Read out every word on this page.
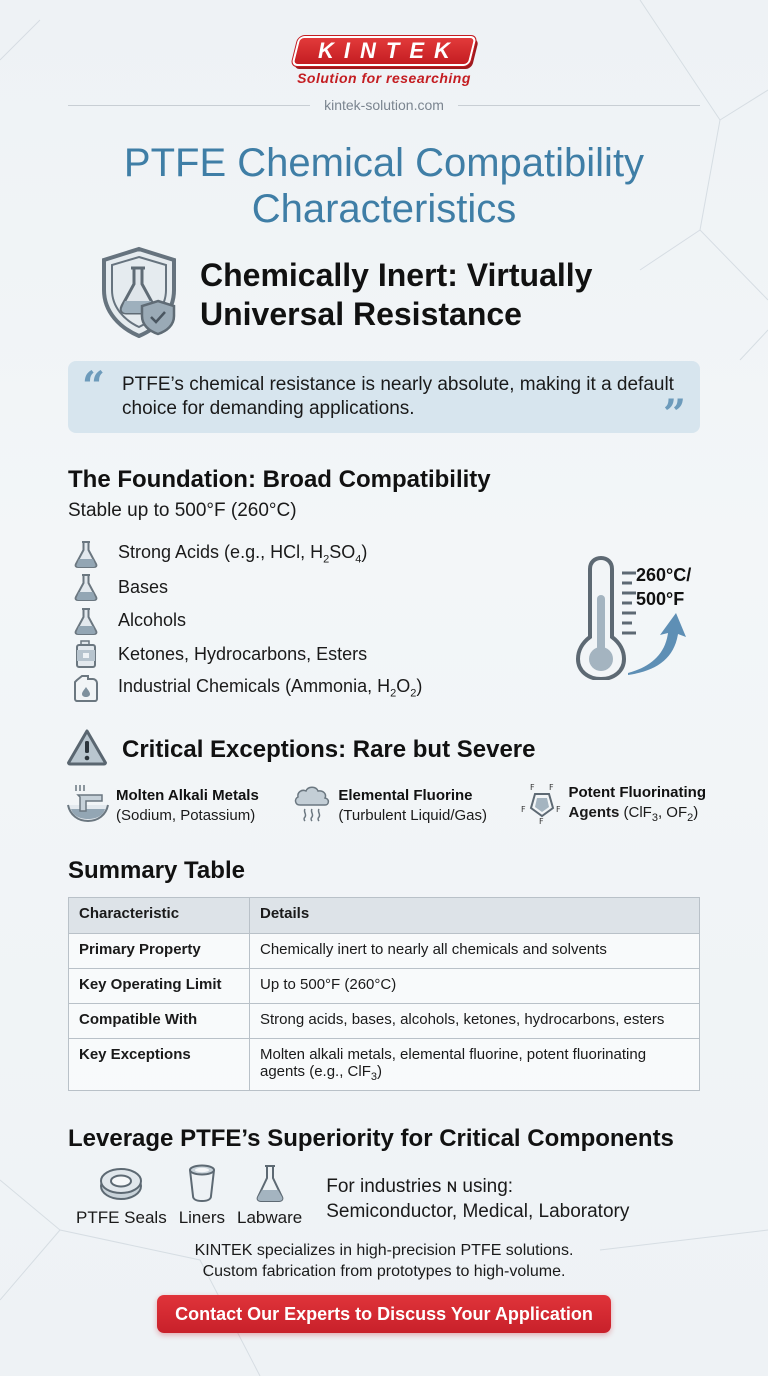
KINTEK
Solution for researching
kintek-solution.com
PTFE Chemical Compatibility
Characteristics
Chemically Inert: Virtually
Universal Resistance
“ PTFE’s chemical resistance is nearly absolute, making it a default choice for demanding applications.	”
The Foundation: Broad Compatibility

Stable up to 500°F (260°C)

Strong Acids (e.g., HCl, $H_2SO_4$)
Bases
Alcohols
Ketones, Hydrocarbons, Esters
Industrial Chemicals (Ammonia, $H_2O_2$)
260°C/
500°F
Critical Exceptions: Rare but Severe
Molten Alkali Metals
(Sodium, Potassium)
Elemental Fluorine
(Turbulent Liquid/Gas)
F F
F	F
F
Potent Fluorinating
Agents (ClF$_3$, $OF_2$)
Summary Table
Characteristic	Details
Primary Property	Chemically inert to nearly all chemicals and solvents
Key Operating Limit	Up to 500°F (260°C)
Compatible With	Strong acids, bases, alcohols, ketones, hydrocarbons, esters
Key Exceptions	Molten alkali metals, elemental fluorine, potent fluorinating agents (e.g., ClF$_3$)
Leverage PTFE’s Superiority for Critical Components
PTFE Seals Liners Labware
For industries ɴ using:
Semiconductor, Medical, Laboratory
KINTEK specializes in high-precision PTFE solutions.
Custom fabrication from prototypes to high-volume.
Contact Our Experts to Discuss Your Application
